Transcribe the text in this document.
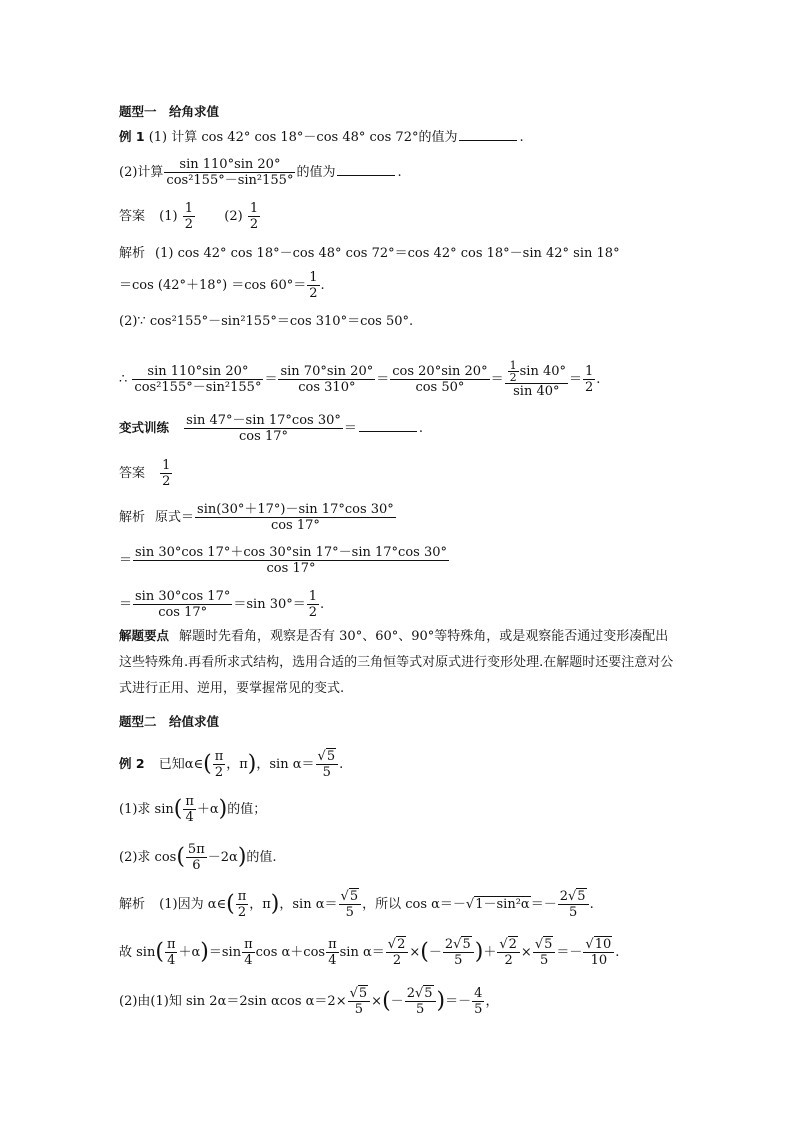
题型一　给角求值
例 1 (1) 计算 cos 42° cos 18°－cos 48° cos 72°的值为	.
(2)计算 $\frac{\sin 110^\circ\sin 20^\circ}{\text{cos²155°－sin²155°}}$ 的值为	.
答案 $(1) \frac{1}{2} (2) \frac{1}{2}$
解析 (1) cos 42° cos 18°－cos 48° cos 72°＝cos 42° cos 18°－sin 42° sin 18°
＝cos (42°＋18°) ＝cos $60^\circ= \frac{1}{2}$ .
(2)∵ cos²155°－sin²155°＝cos 310°＝cos 50°.
∴ $\frac{\sin 110^\circ\sin 20^\circ}{\text{cos²155°－sin²155°}} = \frac{\sin 70^\circ\sin 20^\circ}{\cos 310^\circ} = \frac{\cos 20^\circ\sin 20^\circ}{\cos 50^\circ} = \frac{\frac{1}{2} \sin 40^\circ}{\sin 40^\circ} = \frac{1}{2}$ .
变式训练 $\frac{\sin 47^\circ-\sin 17^\circ\cos 30^\circ}{\cos 17^\circ}$ ＝	.
答案 $\frac{1}{2}$
解析 原式＝ $\frac{\sin(30^\circ+17^\circ)-\sin 17^\circ\cos 30^\circ}{\cos 17^\circ}$
＝ $\frac{\sin 30^\circ\cos 17^\circ+\cos 30^\circ\sin 17^\circ-\sin 17^\circ\cos 30^\circ}{\cos 17^\circ}$
＝ $\frac{\sin 30^\circ\cos 17^\circ}{\cos 17^\circ} =\sin$ $30^\circ= \frac{1}{2}$ .
解题要点 解题时先看角，观察是否有 30°、60°、90°等特殊角，或是观察能否通过变形凑配出这些特殊角.再看所求式结构，选用合适的三角恒等式对原式进行变形处理.在解题时还要注意对公式进行正用、逆用，要掌握常见的变式.
题型二　给值求值
例 2 已知α∈( $\frac{\pi}{2}$ ，π)，$\sin \alpha= \frac{√5}{5}$ .
(1)求 $\sin( \frac{\pi}{4} +\alpha)$的值；
(2)求 $\cos( \frac{5\pi}{6} -2\alpha)$的值.
解析 (1)因为 α∈( $\frac{\pi}{2}$ ，π)，$\sin \alpha= \frac{√5}{5}$ ，所以 $\cos \alpha=-√1-\sin^2\alpha=- \frac{2√5}{5}$ .
故 $\sin( \frac{\pi}{4} +\alpha)=\sin \frac{\pi}{4}$ $\cos \alpha+\cos \frac{\pi}{4}$ $\sin \alpha= \frac{√2}{2}$ ×(－ $\frac{2√5}{5}$ )＋ $\frac{√2}{2} \times \frac{√5}{5} =- \frac{√10}{10}$ .
(2)由(1)知 sin 2α＝2sin αcos $\alpha=2\times \frac{√5}{5}$ ×(－ $\frac{2√5}{5}$ )＝－ $\frac{4}{5}$ ，
